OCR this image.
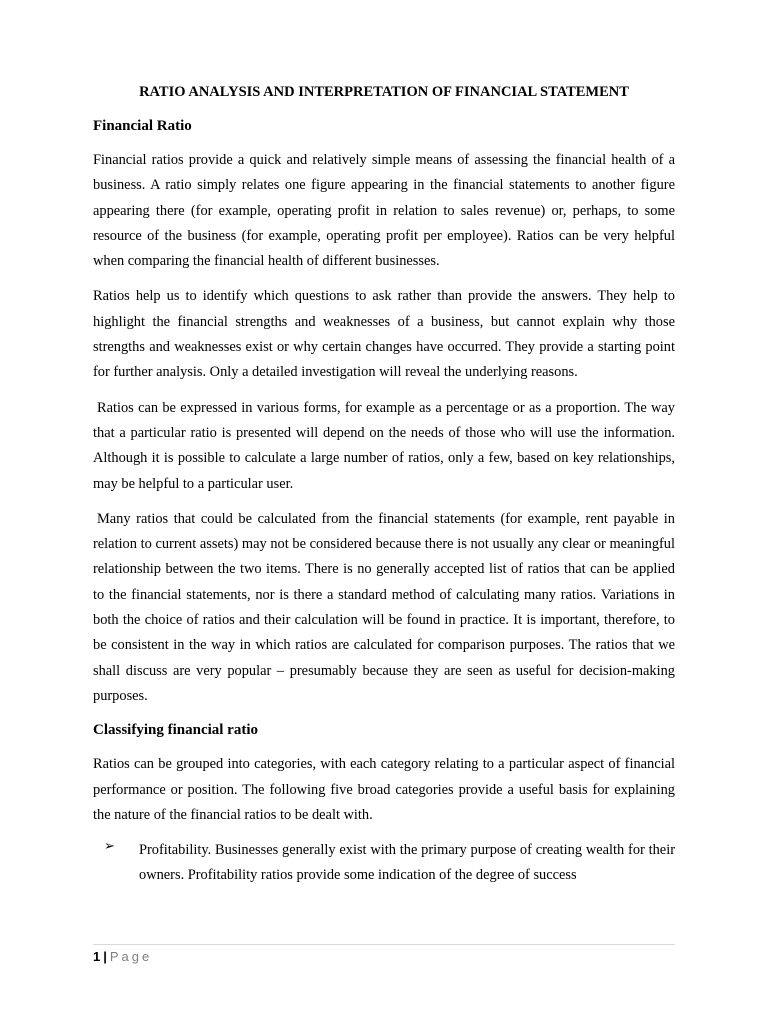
RATIO ANALYSIS AND INTERPRETATION OF FINANCIAL STATEMENT
Financial Ratio

Financial ratios provide a quick and relatively simple means of assessing the financial health of a business. A ratio simply relates one figure appearing in the financial statements to another figure appearing there (for example, operating profit in relation to sales revenue) or, perhaps, to some resource of the business (for example, operating profit per employee). Ratios can be very helpful when comparing the financial health of different businesses.

Ratios help us to identify which questions to ask rather than provide the answers. They help to highlight the financial strengths and weaknesses of a business, but cannot explain why those strengths and weaknesses exist or why certain changes have occurred. They provide a starting point for further analysis. Only a detailed investigation will reveal the underlying reasons.

Ratios can be expressed in various forms, for example as a percentage or as a proportion. The way that a particular ratio is presented will depend on the needs of those who will use the information. Although it is possible to calculate a large number of ratios, only a few, based on key relationships, may be helpful to a particular user.

Many ratios that could be calculated from the financial statements (for example, rent payable in relation to current assets) may not be considered because there is not usually any clear or meaningful relationship between the two items. There is no generally accepted list of ratios that can be applied to the financial statements, nor is there a standard method of calculating many ratios. Variations in both the choice of ratios and their calculation will be found in practice. It is important, therefore, to be consistent in the way in which ratios are calculated for comparison purposes. The ratios that we shall discuss are very popular – presumably because they are seen as useful for decision-making purposes.

Classifying financial ratio

Ratios can be grouped into categories, with each category relating to a particular aspect of financial performance or position. The following five broad categories provide a useful basis for explaining the nature of the financial ratios to be dealt with.

➢ Profitability. Businesses generally exist with the primary purpose of creating wealth for their owners. Profitability ratios provide some indication of the degree of success

1 | Page
